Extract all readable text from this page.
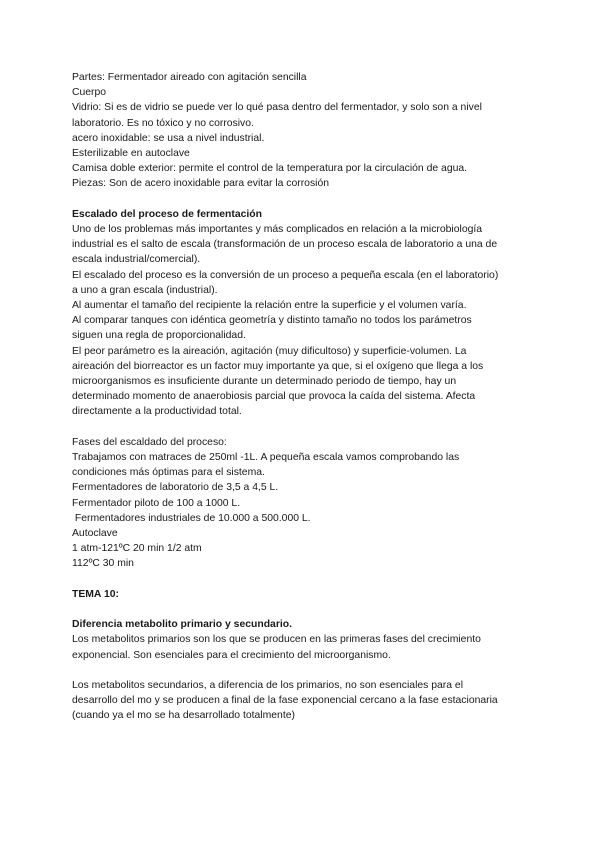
Partes: Fermentador aireado con agitación sencilla
Cuerpo
Vidrio: Si es de vidrio se puede ver lo qué pasa dentro del fermentador, y solo son a nivel
laboratorio. Es no tóxico y no corrosivo.
acero inoxidable: se usa a nivel industrial.
Esterilizable en autoclave
Camisa doble exterior: permite el control de la temperatura por la circulación de agua.
Piezas: Son de acero inoxidable para evitar la corrosión
Escalado del proceso de fermentación
Uno de los problemas más importantes y más complicados en relación a la microbiología
industrial es el salto de escala (transformación de un proceso escala de laboratorio a una de
escala industrial/comercial).
El escalado del proceso es la conversión de un proceso a pequeña escala (en el laboratorio)
a uno a gran escala (industrial).
Al aumentar el tamaño del recipiente la relación entre la superficie y el volumen varía.
Al comparar tanques con idéntica geometría y distinto tamaño no todos los parámetros
siguen una regla de proporcionalidad.
El peor parámetro es la aireación, agitación (muy dificultoso) y superficie-volumen. La
aireación del biorreactor es un factor muy importante ya que, si el oxígeno que llega a los
microorganismos es insuficiente durante un determinado periodo de tiempo, hay un
determinado momento de anaerobiosis parcial que provoca la caída del sistema. Afecta
directamente a la productividad total.
Fases del escaldado del proceso:
Trabajamos con matraces de 250ml -1L. A pequeña escala vamos comprobando las
condiciones más óptimas para el sistema.
Fermentadores de laboratorio de 3,5 a 4,5 L.
Fermentador piloto de 100 a 1000 L.
Fermentadores industriales de 10.000 a 500.000 L.
Autoclave
1 atm-121ºC 20 min 1/2 atm
112ºC 30 min
TEMA 10:
Diferencia metabolito primario y secundario.
Los metabolitos primarios son los que se producen en las primeras fases del crecimiento
exponencial. Son esenciales para el crecimiento del microorganismo.
Los metabolitos secundarios, a diferencia de los primarios, no son esenciales para el
desarrollo del mo y se producen a final de la fase exponencial cercano a la fase estacionaria
(cuando ya el mo se ha desarrollado totalmente)
